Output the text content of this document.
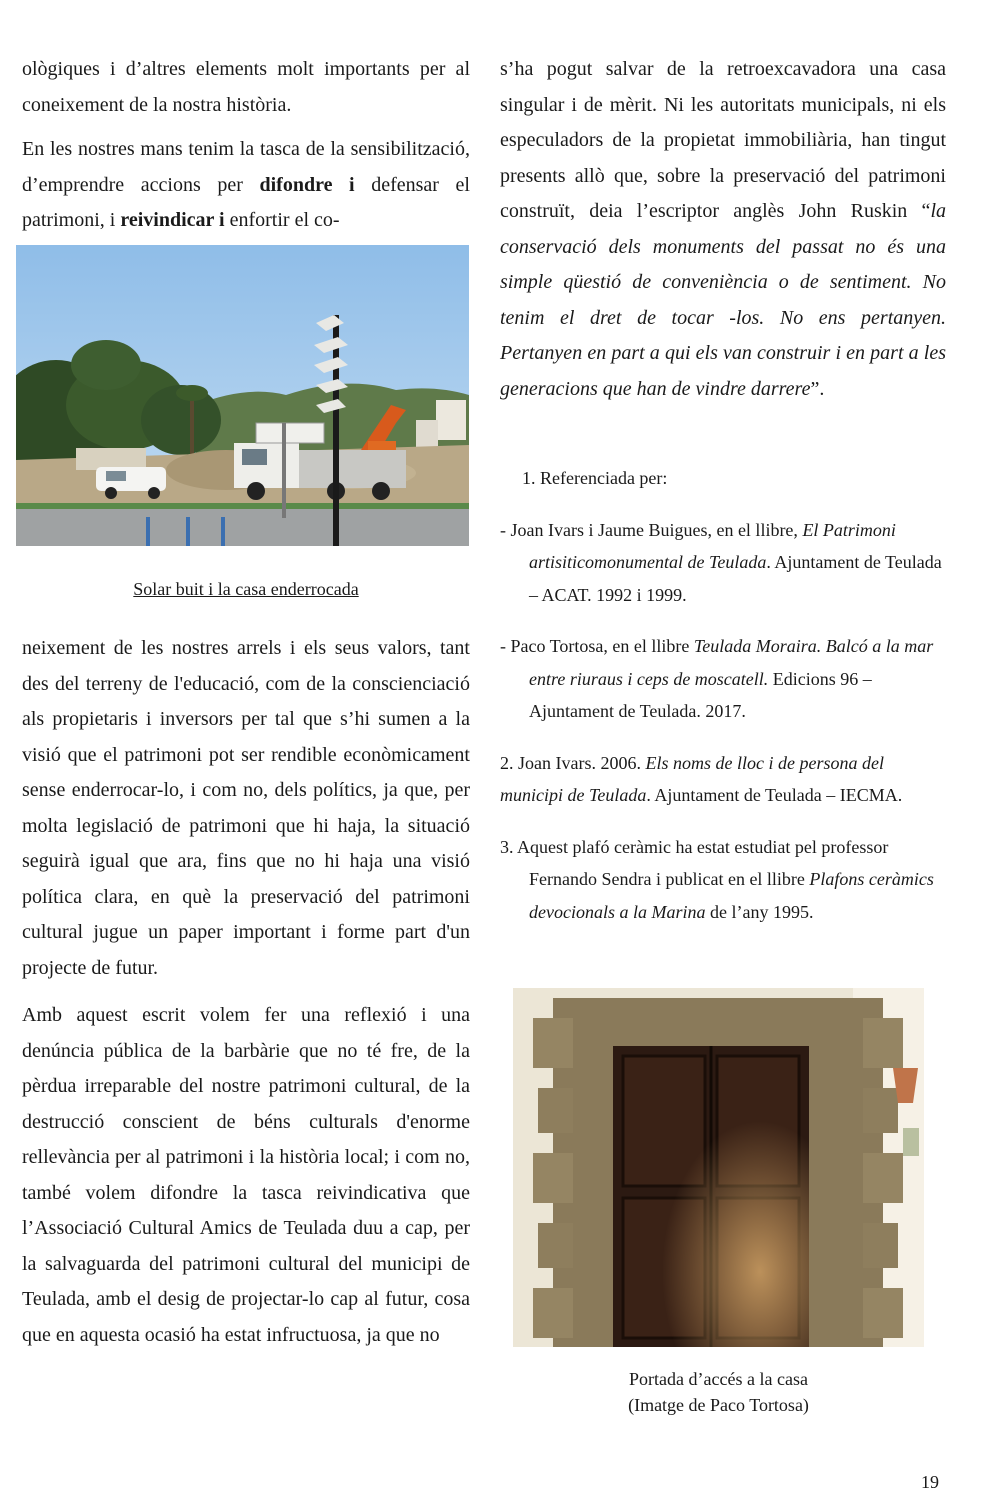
ològiques i d’altres elements molt importants per al coneixement de la nostra història.

En les nostres mans tenim la tasca de la sensibilització, d’emprendre accions per difondre i defensar el patrimoni, i reivindicar i enfortir el co-

Solar buit i la casa enderrocada

neixement de les nostres arrels i els seus valors, tant des del terreny de l'educació, com de la conscienciació als propietaris i inversors per tal que s’hi sumen a la visió que el patrimoni pot ser rendible econòmicament sense enderrocar-lo, i com no, dels polítics, ja que, per molta legislació de patrimoni que hi haja, la situació seguirà igual que ara, fins que no hi haja una visió política clara, en què la preservació del patrimoni cultural jugue un paper important i forme part d'un projecte de futur.

Amb aquest escrit volem fer una reflexió i una denúncia pública de la barbàrie que no té fre, de la pèrdua irreparable del nostre patrimoni cultural, de la destrucció conscient de béns culturals d'enorme rellevància per al patrimoni i la història local; i com no, també volem difondre la tasca reivindicativa que l’Associació Cultural Amics de Teulada duu a cap, per la salvaguarda del patrimoni cultural del municipi de Teulada, amb el desig de projectar-lo cap al futur, cosa que en aquesta ocasió ha estat infructuosa, ja que no

s’ha pogut salvar de la retroexcavadora una casa singular i de mèrit. Ni les autoritats municipals, ni els especuladors de la propietat immobiliària, han tingut presents allò que, sobre la preservació del patrimoni construït, deia l’escriptor anglès John Ruskin “la conservació dels monuments del passat no és una simple qüestió de conveniència o de sentiment. No tenim el dret de tocar -los. No ens pertanyen. Pertanyen en part a qui els van construir i en part a les generacions que han de vindre darrere”.

1. Referenciada per:

- Joan Ivars i Jaume Buigues, en el llibre, El Patrimoni artisiticomonumental de Teulada. Ajuntament de Teulada – ACAT. 1992 i 1999.

- Paco Tortosa, en el llibre Teulada Moraira. Balcó a la mar entre riuraus i ceps de moscatell. Edicions 96 – Ajuntament de Teulada. 2017.

2. Joan Ivars. 2006. Els noms de lloc i de persona del municipi de Teulada. Ajuntament de Teulada – IECMA.

3. Aquest plafó ceràmic ha estat estudiat pel professor Fernando Sendra i publicat en el llibre Plafons ceràmics devocionals a la Marina de l’any 1995.

Portada d’accés a la casa

(Imatge de Paco Tortosa)

19
